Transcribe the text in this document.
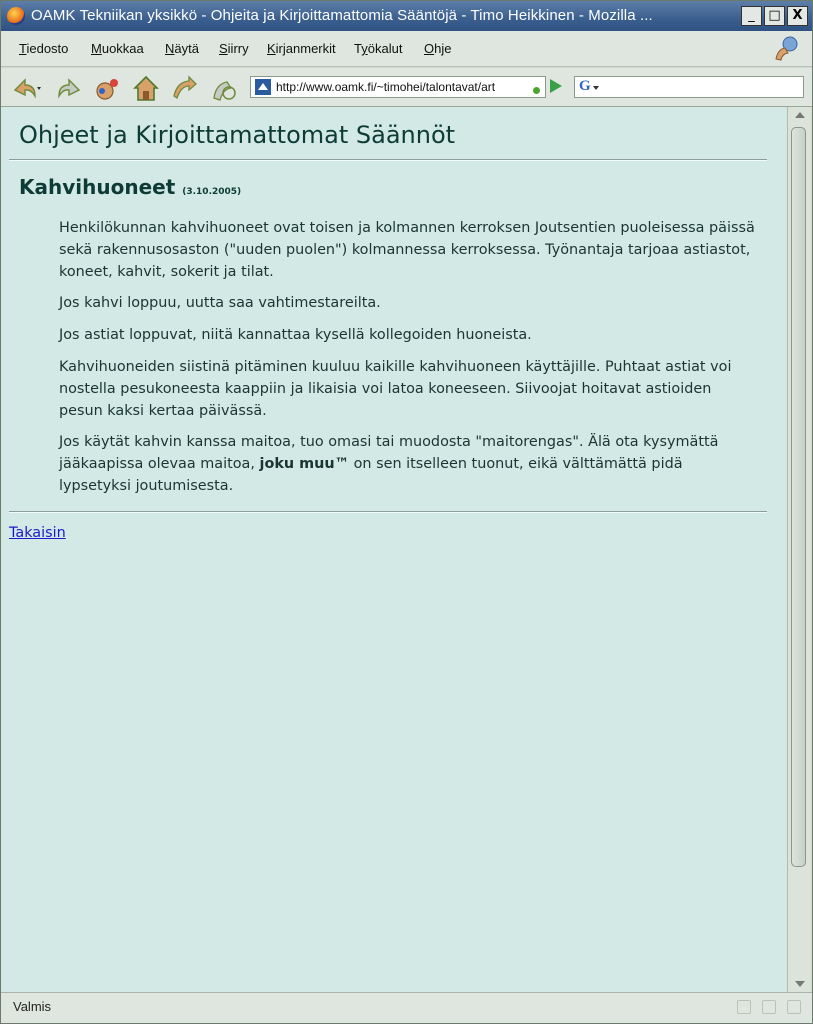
OAMK Tekniikan yksikkö - Ohjeita ja Kirjoittamattomia Sääntöjä - Timo Heikkinen - Mozilla ...	_	□ X
Tiedosto Muokkaa Näytä Siirry Kirjanmerkit Työkalut Ohje
http://www.oamk.fi/~timohei/talontavat/art	G
Ohjeet ja Kirjoittamattomat Säännöt
Kahvihuoneet (3.10.2005)

Henkilökunnan kahvihuoneet ovat toisen ja kolmannen kerroksen Joutsentien puoleisessa päissä sekä rakennusosaston ("uuden puolen") kolmannessa kerroksessa. Työnantaja tarjoaa astiastot, koneet, kahvit, sokerit ja tilat.

Jos kahvi loppuu, uutta saa vahtimestareilta.

Jos astiat loppuvat, niitä kannattaa kysellä kollegoiden huoneista.

Kahvihuoneiden siistinä pitäminen kuuluu kaikille kahvihuoneen käyttäjille. Puhtaat astiat voi nostella pesukoneesta kaappiin ja likaisia voi latoa koneeseen. Siivoojat hoitavat astioiden pesun kaksi kertaa päivässä.

Jos käytät kahvin kanssa maitoa, tuo omasi tai muodosta "maitorengas". Älä ota kysymättä jääkaapissa olevaa maitoa, joku muu™ on sen itselleen tuonut, eikä välttämättä pidä lypsetyksi joutumisesta.

Takaisin
Valmis
